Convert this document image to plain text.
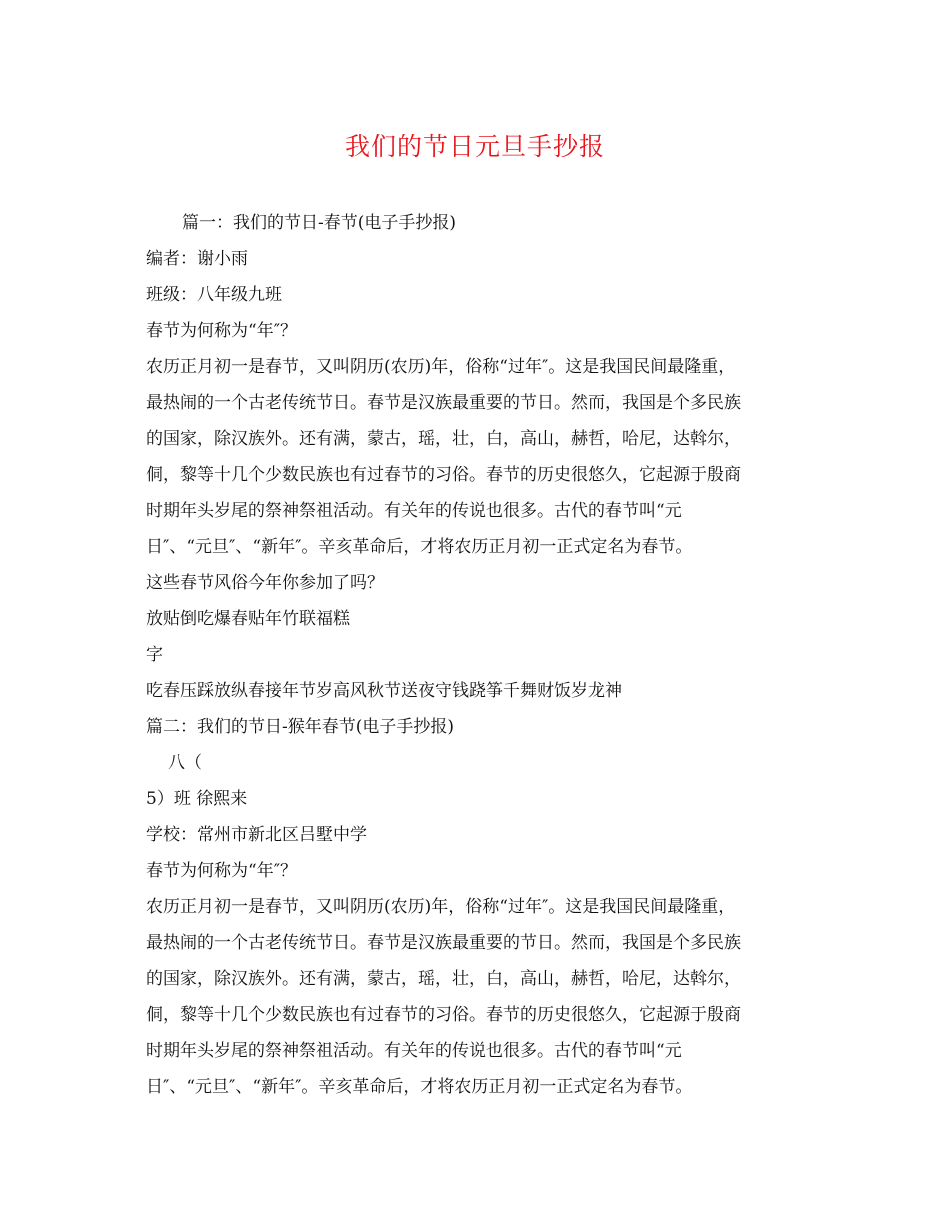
我们的节日元旦手抄报
篇一：我们的节日-春节(电子手抄报)
编者：谢小雨
班级：八年级九班
春节为何称为“年″？
农历正月初一是春节，又叫阴历(农历)年，俗称“过年″。这是我国民间最隆重，
最热闹的一个古老传统节日。春节是汉族最重要的节日。然而，我国是个多民族
的国家，除汉族外。还有满，蒙古，瑶，壮，白，高山，赫哲，哈尼，达斡尔，
侗，黎等十几个少数民族也有过春节的习俗。春节的历史很悠久，它起源于殷商
时期年头岁尾的祭神祭祖活动。有关年的传说也很多。古代的春节叫“元
日″、“元旦″、“新年″。辛亥革命后，才将农历正月初一正式定名为春节。
这些春节风俗今年你参加了吗？
放贴倒吃爆春贴年竹联福糕
字
吃春压踩放纵春接年节岁高风秋节送夜守钱跷筝千舞财饭岁龙神
篇二：我们的节日-猴年春节(电子手抄报)
八（
5）班 徐熙来
学校：常州市新北区吕墅中学
春节为何称为“年″？
农历正月初一是春节，又叫阴历(农历)年，俗称“过年″。这是我国民间最隆重，
最热闹的一个古老传统节日。春节是汉族最重要的节日。然而，我国是个多民族
的国家，除汉族外。还有满，蒙古，瑶，壮，白，高山，赫哲，哈尼，达斡尔，
侗，黎等十几个少数民族也有过春节的习俗。春节的历史很悠久，它起源于殷商
时期年头岁尾的祭神祭祖活动。有关年的传说也很多。古代的春节叫“元
日″、“元旦″、“新年″。辛亥革命后，才将农历正月初一正式定名为春节。
